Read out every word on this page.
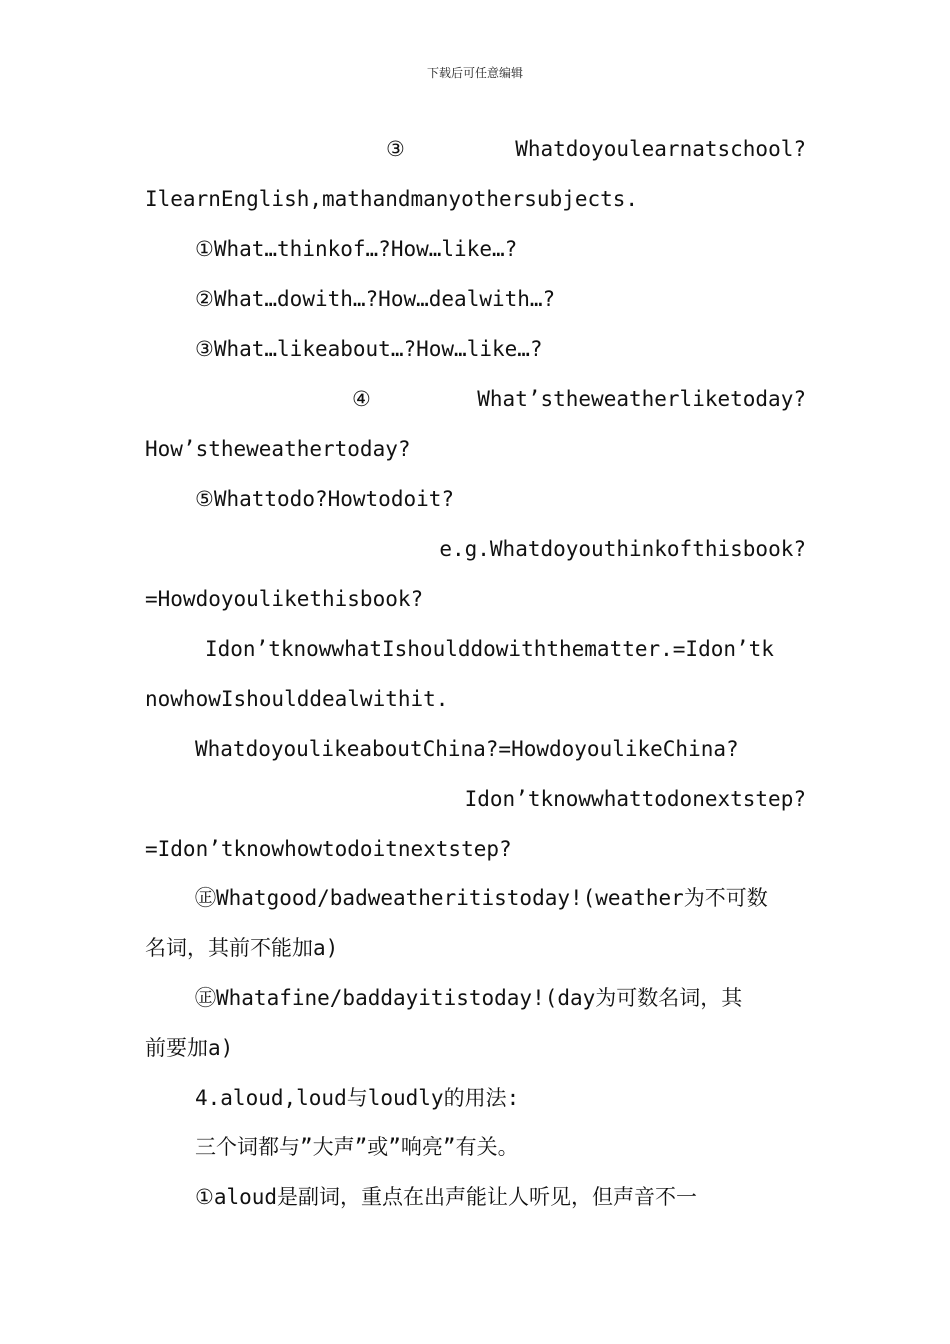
下载后可任意编辑
③	Whatdoyoulearnatschool?
IlearnEnglish,mathandmanyothersubjects.
①What…thinkof…?How…like…?
②What…dowith…?How…dealwith…?
③What…likeabout…?How…like…?
④	What’stheweatherliketoday?
How’stheweathertoday?
⑤Whattodo?Howtodoit?
e.g.Whatdoyouthinkofthisbook?
=Howdoyoulikethisbook?
Idon’tknowwhatIshoulddowiththematter.=Idon’tk
nowhowIshoulddealwithit.
WhatdoyoulikeaboutChina?=HowdoyoulikeChina?
Idon’tknowwhattodonextstep?
=Idon’tknowhowtodoitnextstep?
㊣Whatgood/badweatheritistoday!(weather为不可数
名词，其前不能加a)
㊣Whatafine/baddayitistoday!(day为可数名词，其
前要加a)
4.aloud,loud与loudly的用法:
三个词都与”大声”或”响亮”有关。
①aloud是副词，重点在出声能让人听见，但声音不一
